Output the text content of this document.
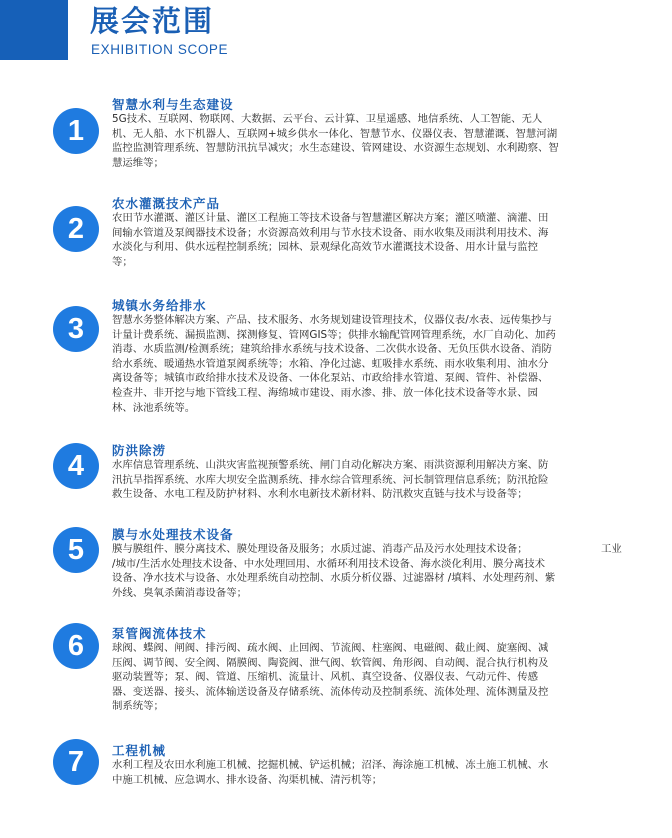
展会范围
EXHIBITION SCOPE
1
智慧水利与生态建设

5G技术、互联网、物联网、大数据、云平台、云计算、卫星遥感、地信系统、人工智能、无人
机、无人船、水下机器人、互联网+城乡供水一体化、智慧节水、仪器仪表、智慧灌溉、智慧河湖
监控监测管理系统、智慧防汛抗旱减灾；水生态建设、管网建设、水资源生态规划、水利勘察、智
慧运维等；

2
农水灌溉技术产品

农田节水灌溉、灌区计量、灌区工程施工等技术设备与智慧灌区解决方案；灌区喷灌、滴灌、田
间输水管道及泵阀器技术设备；水资源高效利用与节水技术设备、雨水收集及雨洪利用技术、海
水淡化与利用、供水远程控制系统；园林、景观绿化高效节水灌溉技术设备、用水计量与监控
等；

3
城镇水务给排水

智慧水务整体解决方案、产品、技术服务、水务规划建设管理技术，仪器仪表/水表、远传集抄与
计量计费系统、漏损监测、探测修复、管网GIS等；供排水输配管网管理系统，水厂自动化、加药
消毒、水质监测/检测系统；建筑给排水系统与技术设备、二次供水设备、无负压供水设备、消防
给水系统、暖通热水管道泵阀系统等；水箱、净化过滤、虹吸排水系统、雨水收集利用、油水分
离设备等；城镇市政给排水技术及设备、一体化泵站、市政给排水管道、泵阀、管件、补偿器、
检查井、非开挖与地下管线工程、海绵城市建设、雨水渗、排、放一体化技术设备等水景、园
林、泳池系统等。

4	防洪除涝

水库信息管理系统、山洪灾害监视预警系统、闸门自动化解决方案、雨洪资源利用解决方案、防
汛抗旱指挥系统、水库大坝安全监测系统、排水综合管理系统、河长制管理信息系统；防汛抢险
救生设备、水电工程及防护材料、水利水电新技术新材料、防汛救灾直链与技术与设备等；

5	膜与水处理技术设备

膜与膜组件、膜分离技术、膜处理设备及服务；水质过滤、消毒产品及污水处理技术设备；
/城市/生活水处理技术设备、中水处理回用、水循环利用技术设备、海水淡化利用、膜分离技术
设备、净水技术与设备、水处理系统自动控制、水质分析仪器、过滤器材 /填料、水处理药剂、紫
外线、臭氧杀菌消毒设备等；

工业
6	泵管阀流体技术

球阀、蝶阀、闸阀、排污阀、疏水阀、止回阀、节流阀、柱塞阀、电磁阀、截止阀、旋塞阀、减
压阀、调节阀、安全阀、隔膜阀、陶瓷阀、泄气阀、软管阀、角形阀、自动阀、混合执行机构及
驱动装置等；泵、阀、管道、压缩机、流量计、风机、真空设备、仪器仪表、气动元件、传感
器、变送器、接头、流体输送设备及存储系统、流体传动及控制系统、流体处理、流体测量及控
制系统等；

7	工程机械

水利工程及农田水利施工机械、挖掘机械、铲运机械；沼泽、海涂施工机械、冻土施工机械、水
中施工机械、应急调水、排水设备、沟渠机械、清污机等；
